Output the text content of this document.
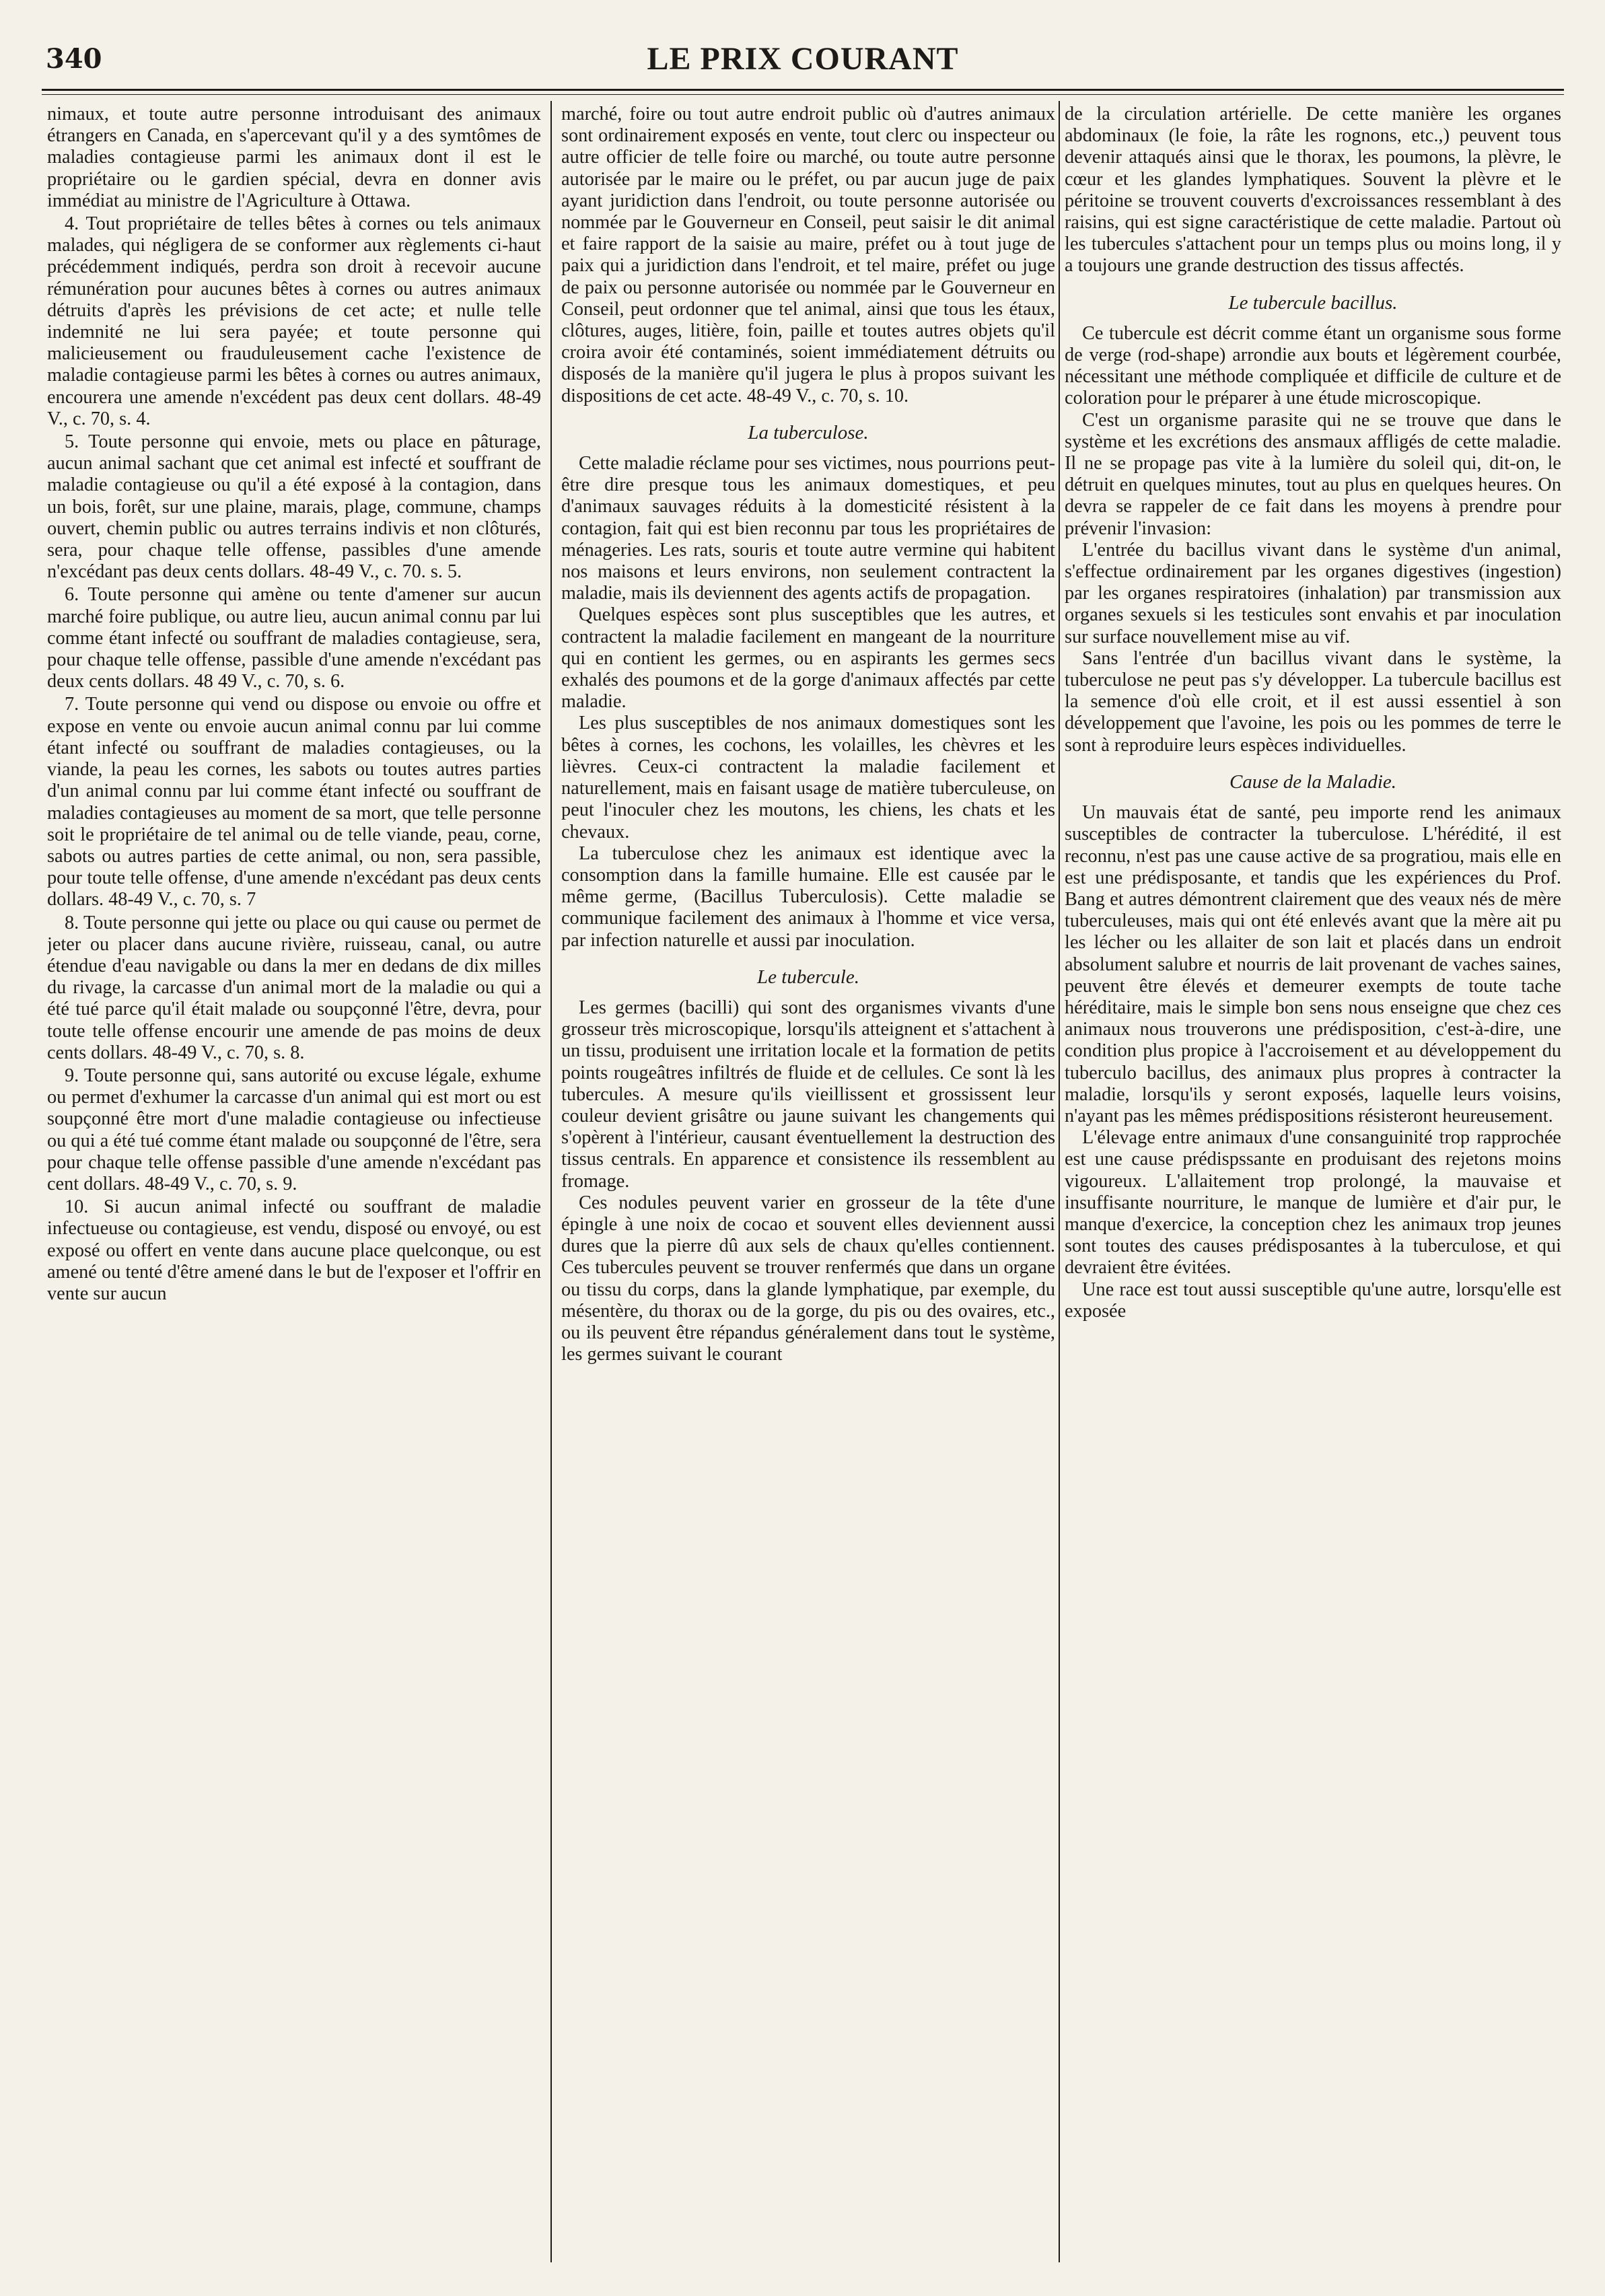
340	LE PRIX COURANT

nimaux, et toute autre personne introduisant des animaux étrangers en Canada, en s'apercevant qu'il y a des symtômes de maladies contagieuse parmi les animaux dont il est le propriétaire ou le gardien spécial, devra en donner avis immédiat au ministre de l'Agriculture à Ottawa.

4. Tout propriétaire de telles bêtes à cornes ou tels animaux malades, qui négligera de se conformer aux règlements ci-haut précédemment indiqués, perdra son droit à recevoir aucune rémunération pour aucunes bêtes à cornes ou autres animaux détruits d'après les prévisions de cet acte; et nulle telle indemnité ne lui sera payée; et toute personne qui malicieusement ou frauduleusement cache l'existence de maladie contagieuse parmi les bêtes à cornes ou autres animaux, encourera une amende n'excédent pas deux cent dollars. 48-49 V., c. 70, s. 4.

5. Toute personne qui envoie, mets ou place en pâturage, aucun animal sachant que cet animal est infecté et souffrant de maladie contagieuse ou qu'il a été exposé à la contagion, dans un bois, forêt, sur une plaine, marais, plage, commune, champs ouvert, chemin public ou autres terrains indivis et non clôturés, sera, pour chaque telle offense, passibles d'une amende n'excédant pas deux cents dollars. 48-49 V., c. 70. s. 5.

6. Toute personne qui amène ou tente d'amener sur aucun marché foire publique, ou autre lieu, aucun animal connu par lui comme étant infecté ou souffrant de maladies contagieuse, sera, pour chaque telle offense, passible d'une amende n'excédant pas deux cents dollars. 48 49 V., c. 70, s. 6.

7. Toute personne qui vend ou dispose ou envoie ou offre et expose en vente ou envoie aucun animal connu par lui comme étant infecté ou souffrant de maladies contagieuses, ou la viande, la peau les cornes, les sabots ou toutes autres parties d'un animal connu par lui comme étant infecté ou souffrant de maladies contagieuses au moment de sa mort, que telle personne soit le propriétaire de tel animal ou de telle viande, peau, corne, sabots ou autres parties de cette animal, ou non, sera passible, pour toute telle offense, d'une amende n'excédant pas deux cents dollars. 48-49 V., c. 70, s. 7

8. Toute personne qui jette ou place ou qui cause ou permet de jeter ou placer dans aucune rivière, ruisseau, canal, ou autre étendue d'eau navigable ou dans la mer en dedans de dix milles du rivage, la carcasse d'un animal mort de la maladie ou qui a été tué parce qu'il était malade ou soupçonné l'être, devra, pour toute telle offense encourir une amende de pas moins de deux cents dollars. 48-49 V., c. 70, s. 8.

9. Toute personne qui, sans autorité ou excuse légale, exhume ou permet d'exhumer la carcasse d'un animal qui est mort ou est soupçonné être mort d'une maladie contagieuse ou infectieuse ou qui a été tué comme étant malade ou soupçonné de l'être, sera pour chaque telle offense passible d'une amende n'excédant pas cent dollars. 48-49 V., c. 70, s. 9.

10. Si aucun animal infecté ou souffrant de maladie infectueuse ou contagieuse, est vendu, disposé ou envoyé, ou est exposé ou offert en vente dans aucune place quelconque, ou est amené ou tenté d'être amené dans le but de l'exposer et l'offrir en vente sur aucun

marché, foire ou tout autre endroit public où d'autres animaux sont ordinairement exposés en vente, tout clerc ou inspecteur ou autre officier de telle foire ou marché, ou toute autre personne autorisée par le maire ou le préfet, ou par aucun juge de paix ayant juridiction dans l'endroit, ou toute personne autorisée ou nommée par le Gouverneur en Conseil, peut saisir le dit animal et faire rapport de la saisie au maire, préfet ou à tout juge de paix qui a juridiction dans l'endroit, et tel maire, préfet ou juge de paix ou personne autorisée ou nommée par le Gouverneur en Conseil, peut ordonner que tel animal, ainsi que tous les étaux, clôtures, auges, litière, foin, paille et toutes autres objets qu'il croira avoir été contaminés, soient immédiatement détruits ou disposés de la manière qu'il jugera le plus à propos suivant les dispositions de cet acte. 48-49 V., c. 70, s. 10.

La tuberculose.

Cette maladie réclame pour ses victimes, nous pourrions peut-être dire presque tous les animaux domestiques, et peu d'animaux sauvages réduits à la domesticité résistent à la contagion, fait qui est bien reconnu par tous les propriétaires de ménageries. Les rats, souris et toute autre vermine qui habitent nos maisons et leurs environs, non seulement contractent la maladie, mais ils deviennent des agents actifs de propagation.

Quelques espèces sont plus susceptibles que les autres, et contractent la maladie facilement en mangeant de la nourriture qui en contient les germes, ou en aspirants les germes secs exhalés des poumons et de la gorge d'animaux affectés par cette maladie.

Les plus susceptibles de nos animaux domestiques sont les bêtes à cornes, les cochons, les volailles, les chèvres et les lièvres. Ceux-ci contractent la maladie facilement et naturellement, mais en faisant usage de matière tuberculeuse, on peut l'inoculer chez les moutons, les chiens, les chats et les chevaux.

La tuberculose chez les animaux est identique avec la consomption dans la famille humaine. Elle est causée par le même germe, (Bacillus Tuberculosis). Cette maladie se communique facilement des animaux à l'homme et vice versa, par infection naturelle et aussi par inoculation.

Le tubercule.

Les germes (bacilli) qui sont des organismes vivants d'une grosseur très microscopique, lorsqu'ils atteignent et s'attachent à un tissu, produisent une irritation locale et la formation de petits points rougeâtres infiltrés de fluide et de cellules. Ce sont là les tubercules. A mesure qu'ils vieillissent et grossissent leur couleur devient grisâtre ou jaune suivant les changements qui s'opèrent à l'intérieur, causant éventuellement la destruction des tissus centrals. En apparence et consistence ils ressemblent au fromage.

Ces nodules peuvent varier en grosseur de la tête d'une épingle à une noix de cocao et souvent elles deviennent aussi dures que la pierre dû aux sels de chaux qu'elles contiennent. Ces tubercules peuvent se trouver renfermés que dans un organe ou tissu du corps, dans la glande lymphatique, par exemple, du mésentère, du thorax ou de la gorge, du pis ou des ovaires, etc., ou ils peuvent être répandus généralement dans tout le système, les germes suivant le courant

de la circulation artérielle. De cette manière les organes abdominaux (le foie, la râte les rognons, etc.,) peuvent tous devenir attaqués ainsi que le thorax, les poumons, la plèvre, le cœur et les glandes lymphatiques. Souvent la plèvre et le péritoine se trouvent couverts d'excroissances ressemblant à des raisins, qui est signe caractéristique de cette maladie. Partout où les tubercules s'attachent pour un temps plus ou moins long, il y a toujours une grande destruction des tissus affectés.

Le tubercule bacillus.

Ce tubercule est décrit comme étant un organisme sous forme de verge (rod-shape) arrondie aux bouts et légèrement courbée, nécessitant une méthode compliquée et difficile de culture et de coloration pour le préparer à une étude microscopique.

C'est un organisme parasite qui ne se trouve que dans le système et les excrétions des ansmaux affligés de cette maladie. Il ne se propage pas vite à la lumière du soleil qui, dit-on, le détruit en quelques minutes, tout au plus en quelques heures. On devra se rappeler de ce fait dans les moyens à prendre pour prévenir l'invasion:

L'entrée du bacillus vivant dans le système d'un animal, s'effectue ordinairement par les organes digestives (ingestion) par les organes respiratoires (inhalation) par transmission aux organes sexuels si les testicules sont envahis et par inoculation sur surface nouvellement mise au vif.

Sans l'entrée d'un bacillus vivant dans le système, la tuberculose ne peut pas s'y développer. La tubercule bacillus est la semence d'où elle croit, et il est aussi essentiel à son développement que l'avoine, les pois ou les pommes de terre le sont à reproduire leurs espèces individuelles.

Cause de la Maladie.

Un mauvais état de santé, peu importe rend les animaux susceptibles de contracter la tuberculose. L'hérédité, il est reconnu, n'est pas une cause active de sa progratiou, mais elle en est une prédisposante, et tandis que les expériences du Prof. Bang et autres démontrent clairement que des veaux nés de mère tuberculeuses, mais qui ont été enlevés avant que la mère ait pu les lécher ou les allaiter de son lait et placés dans un endroit absolument salubre et nourris de lait provenant de vaches saines, peuvent être élevés et demeurer exempts de toute tache héréditaire, mais le simple bon sens nous enseigne que chez ces animaux nous trouverons une prédisposition, c'est-à-dire, une condition plus propice à l'accroisement et au développement du tuberculo bacillus, des animaux plus propres à contracter la maladie, lorsqu'ils y seront exposés, laquelle leurs voisins, n'ayant pas les mêmes prédispositions résisteront heureusement.

L'élevage entre animaux d'une consanguinité trop rapprochée est une cause prédispssante en produisant des rejetons moins vigoureux. L'allaitement trop prolongé, la mauvaise et insuffisante nourriture, le manque de lumière et d'air pur, le manque d'exercice, la conception chez les animaux trop jeunes sont toutes des causes prédisposantes à la tuberculose, et qui devraient être évitées.

Une race est tout aussi susceptible qu'une autre, lorsqu'elle est exposée
